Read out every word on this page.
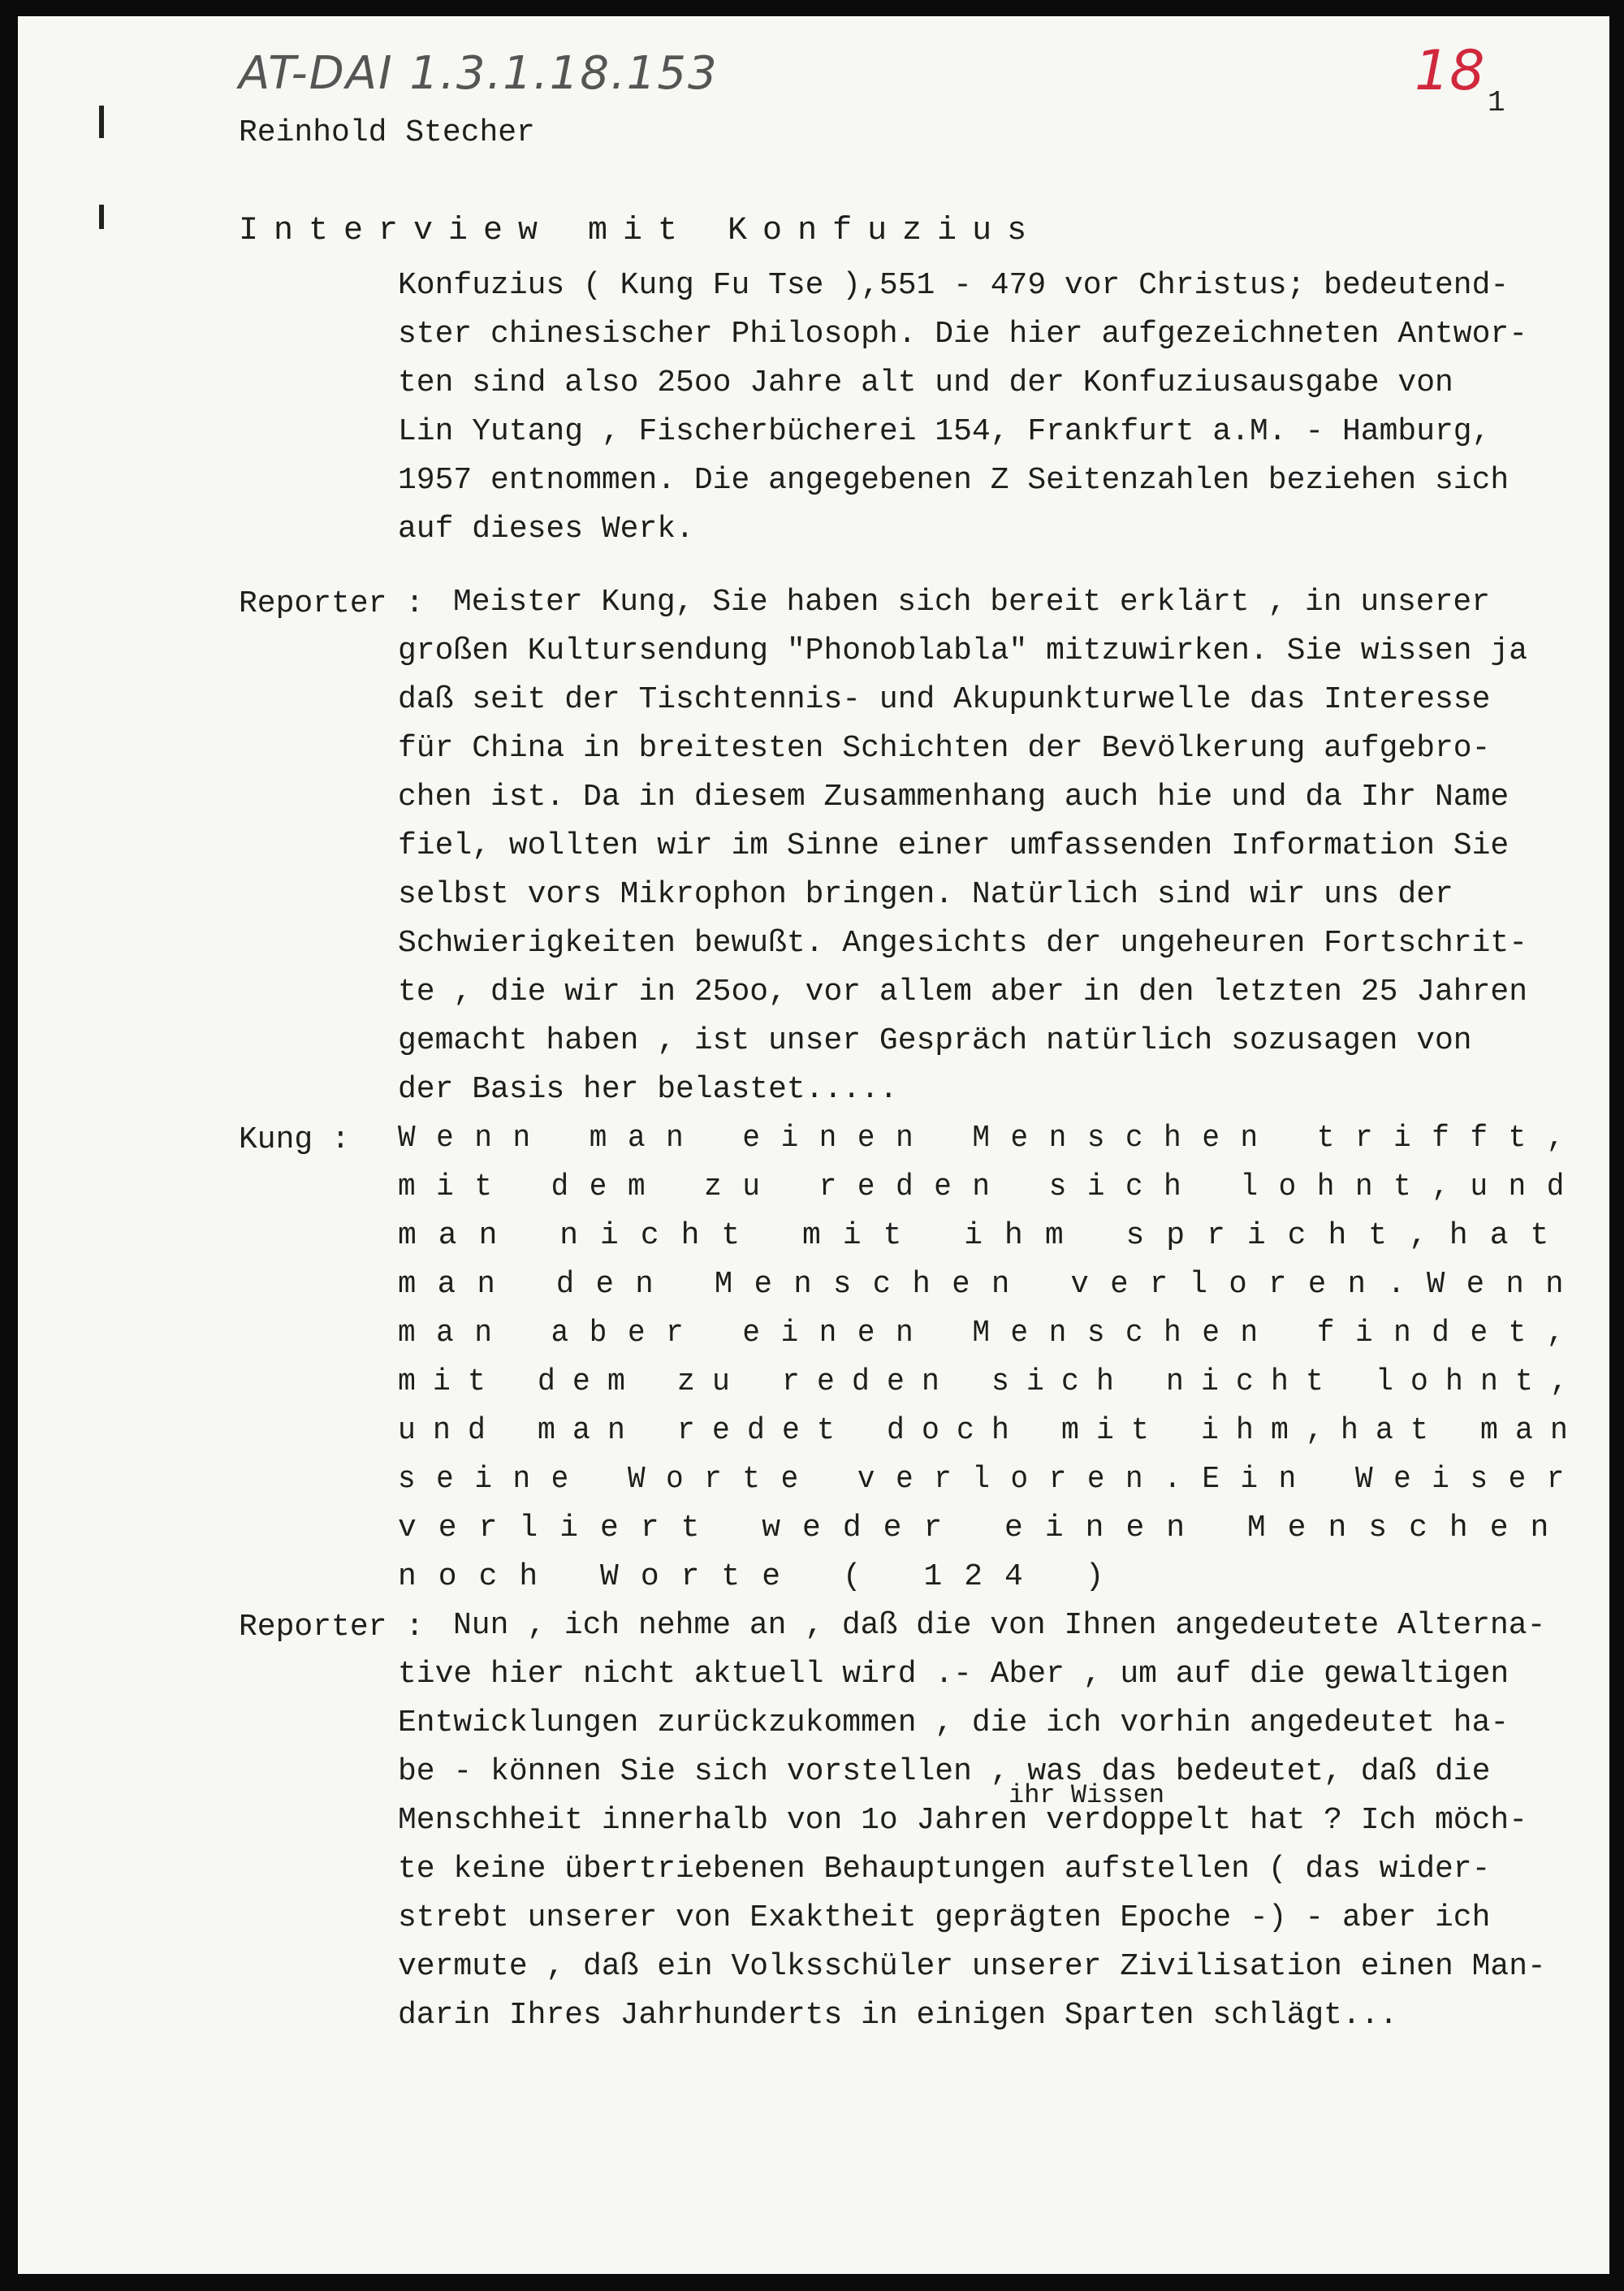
AT-DAI 1.3.1.18.153	18 1
Reinhold Stecher
Interview mit Konfuzius
Konfuzius ( Kung Fu Tse ),551 - 479 vor Christus; bedeutend-
ster chinesischer Philosoph. Die hier aufgezeichneten Antwor-
ten sind also 25oo Jahre alt und der Konfuziusausgabe von
Lin Yutang , Fischerbücherei 154, Frankfurt a.M. - Hamburg,
1957 entnommen. Die angegebenen Z Seitenzahlen beziehen sich
auf dieses Werk.
Reporter : Meister Kung, Sie haben sich bereit erklärt , in unserer
großen Kultursendung "Phonoblabla" mitzuwirken. Sie wissen ja
daß seit der Tischtennis- und Akupunkturwelle das Interesse
für China in breitesten Schichten der Bevölkerung aufgebro-
chen ist. Da in diesem Zusammenhang auch hie und da Ihr Name
fiel, wollten wir im Sinne einer umfassenden Information Sie
selbst vors Mikrophon bringen. Natürlich sind wir uns der
Schwierigkeiten bewußt. Angesichts der ungeheuren Fortschrit-
te , die wir in 25oo, vor allem aber in den letzten 25 Jahren
gemacht haben , ist unser Gespräch natürlich sozusagen von
der Basis her belastet.....
Kung : Wenn man einen Menschen trifft,
mit dem zu reden sich lohnt,und
man nicht mit ihm spricht,hat
man den Menschen verloren.Wenn
man aber einen Menschen findet,
mit dem zu reden sich nicht lohnt,
und man redet doch mit ihm,hat man
seine Worte verloren.Ein Weiser
verliert weder einen Menschen
noch Worte ( 124 )
Reporter : Nun , ich nehme an , daß die von Ihnen angedeutete Alterna-
tive hier nicht aktuell wird .- Aber , um auf die gewaltigen
Entwicklungen zurückzukommen , die ich vorhin angedeutet ha-
be - können Sie sich vorstellen , was das bedeutet, daß die
ihr Wissen
Menschheit innerhalb von 1o Jahren verdoppelt hat ? Ich möch-
te keine übertriebenen Behauptungen aufstellen ( das wider-
strebt unserer von Exaktheit geprägten Epoche -) - aber ich
vermute , daß ein Volksschüler unserer Zivilisation einen Man-
darin Ihres Jahrhunderts in einigen Sparten schlägt...
